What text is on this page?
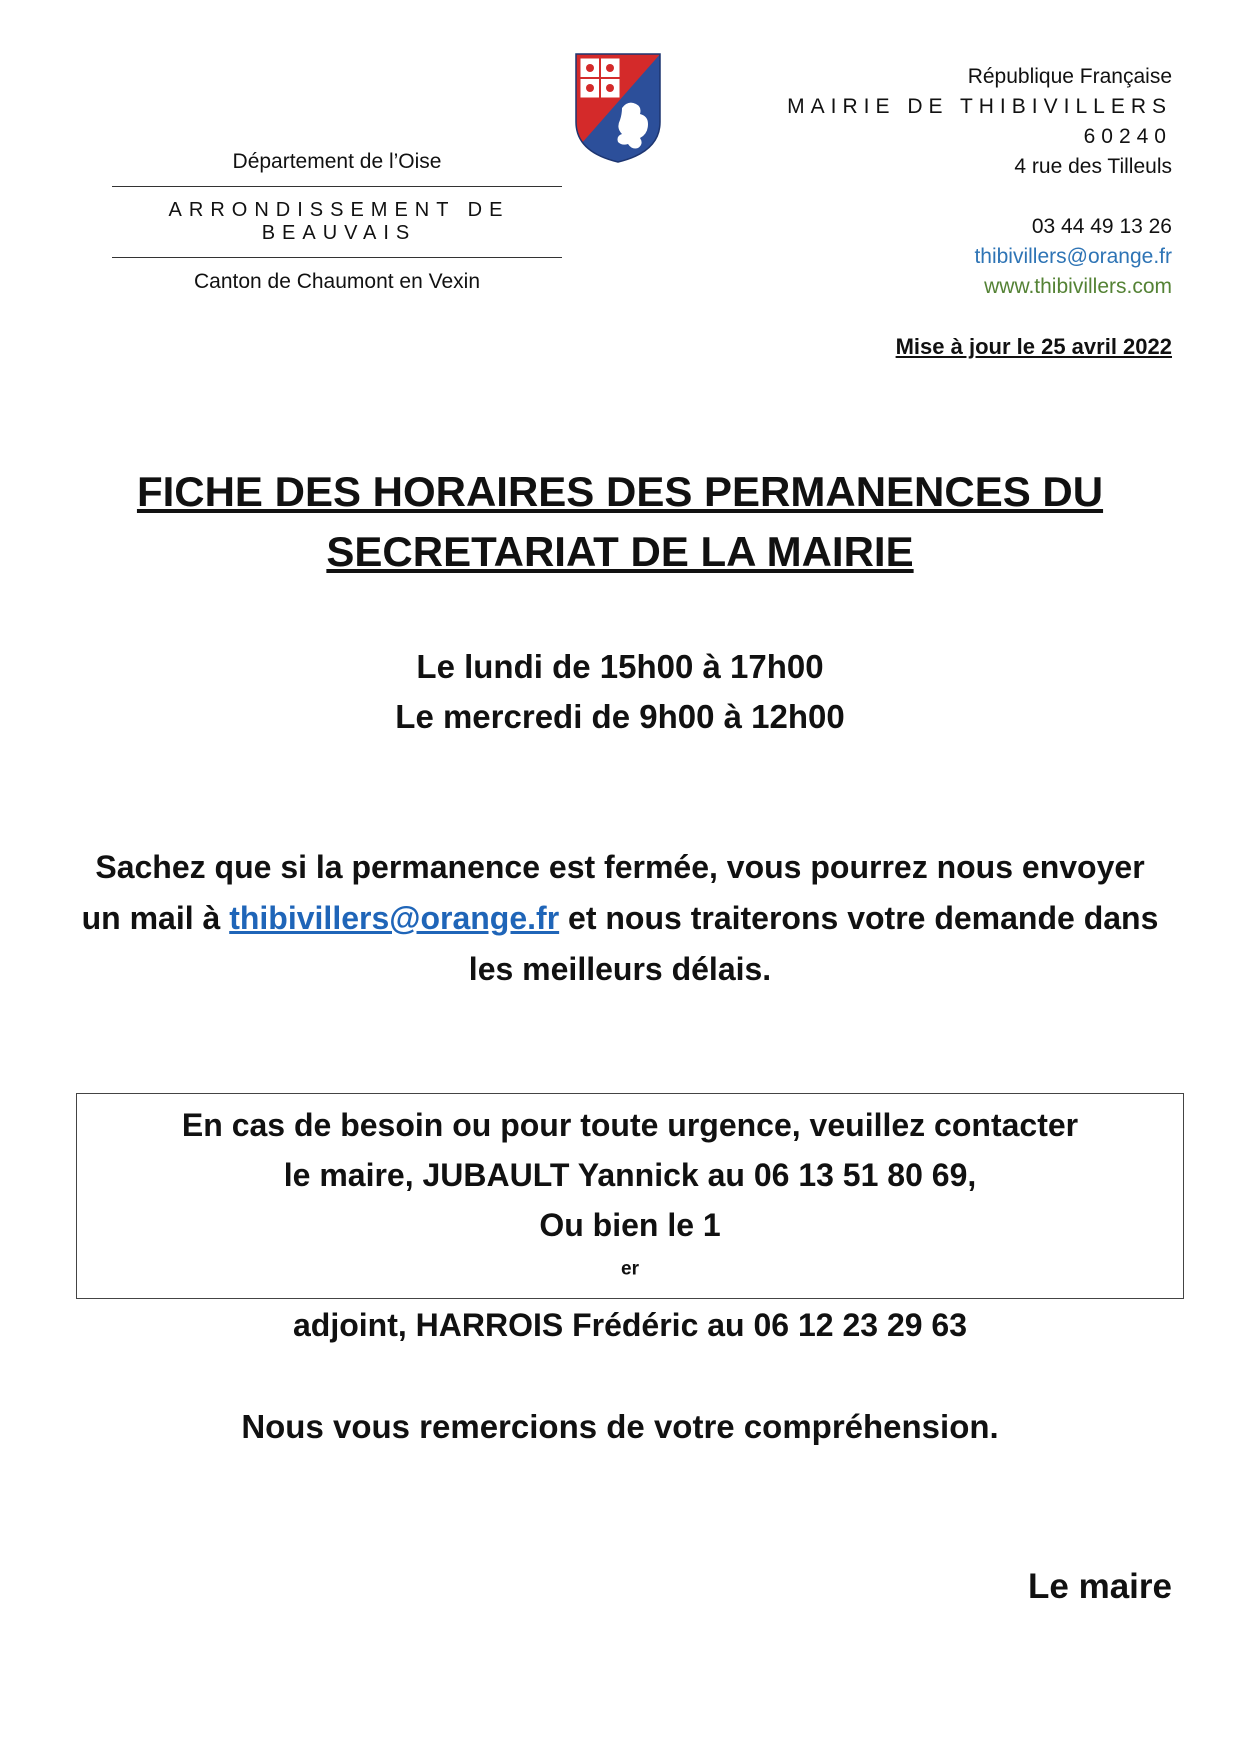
Département de l’Oise

ARRONDISSEMENT DE BEAUVAIS

Canton de Chaumont en Vexin

République Française
MAIRIE DE THIBIVILLERS
60240
4 rue des Tilleuls
03 44 49 13 26
thibivillers@orange.fr
www.thibivillers.com
Mise à jour le 25 avril 2022
FICHE DES HORAIRES DES PERMANENCES DU
SECRETARIAT DE LA MAIRIE
Le lundi de 15h00 à 17h00
Le mercredi de 9h00 à 12h00
Sachez que si la permanence est fermée, vous pourrez nous envoyer un mail à thibivillers@orange.fr et nous traiterons votre demande dans les meilleurs délais.
En cas de besoin ou pour toute urgence, veuillez contacter
le maire, JUBAULT Yannick au 06 13 51 80 69,
Ou bien le 1
$^{er}$
adjoint, HARROIS Frédéric au 06 12 23 29 63
Nous vous remercions de votre compréhension.
Le maire
